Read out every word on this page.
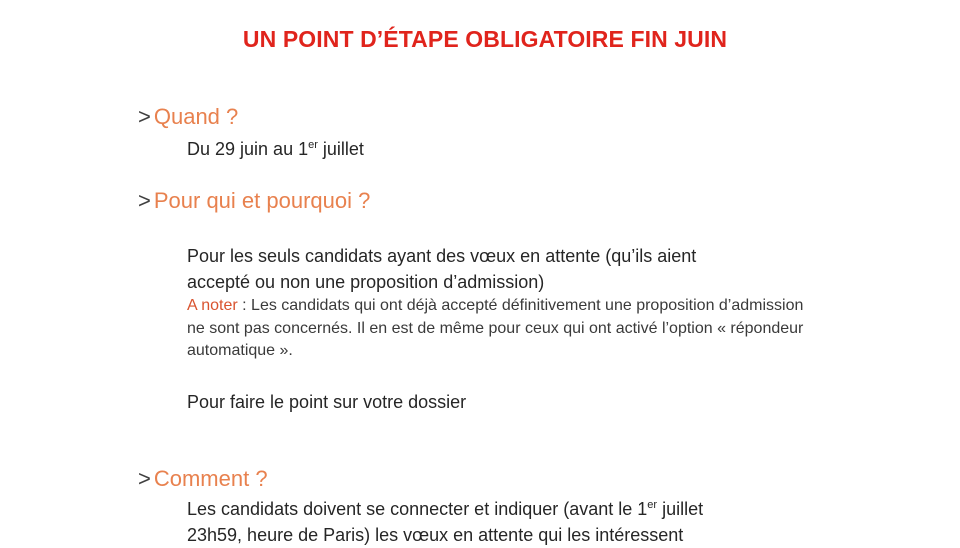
UN POINT D’ÉTAPE OBLIGATOIRE FIN JUIN
> Quand ?
Du 29 juin au 1er juillet
> Pour qui et pourquoi ?
Pour les seuls candidats ayant des vœux en attente (qu’ils aient
accepté ou non une proposition d’admission)
A noter : Les candidats qui ont déjà accepté définitivement une proposition d’admission ne sont pas concernés. Il en est de même pour ceux qui ont activé l’option « répondeur automatique ».
Pour faire le point sur votre dossier
> Comment ?
Les candidats doivent se connecter et indiquer (avant le 1er juillet
23h59, heure de Paris) les vœux en attente qui les intéressent
